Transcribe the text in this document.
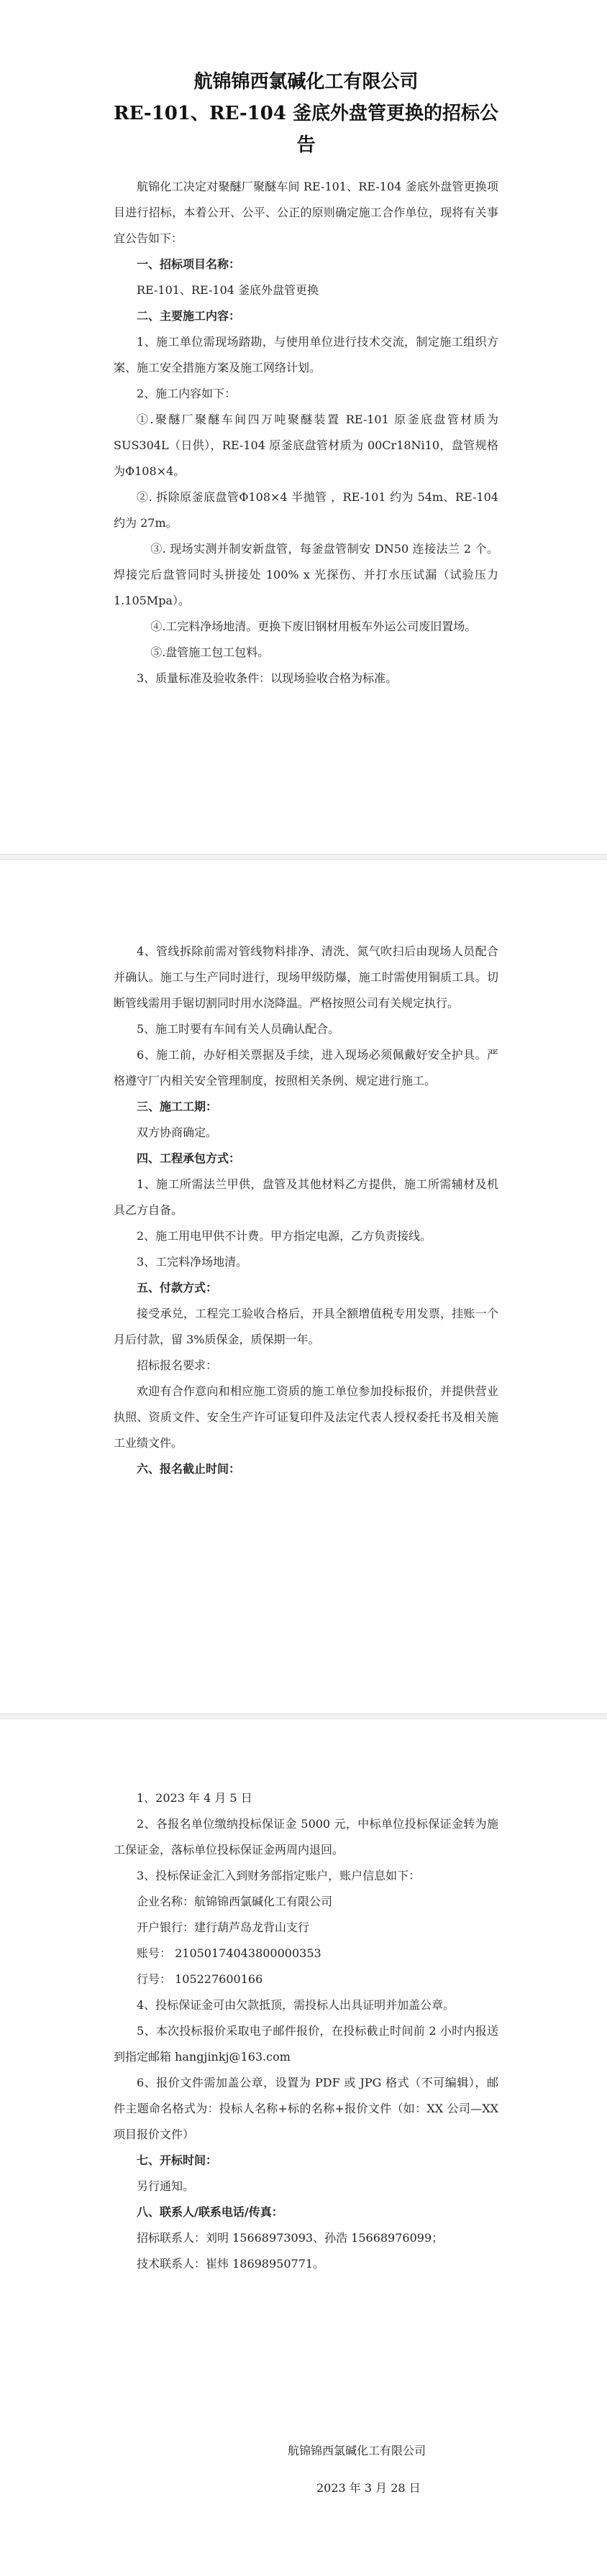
航锦锦西氯碱化工有限公司
RE-101、RE-104 釜底外盘管更换的招标公告

航锦化工决定对聚醚厂聚醚车间 RE-101、RE-104 釜底外盘管更换项目进行招标，本着公开、公平、公正的原则确定施工合作单位，现将有关事宜公告如下：

一、招标项目名称：

RE-101、RE-104 釜底外盘管更换

二、主要施工内容：

1、施工单位需现场踏勘，与使用单位进行技术交流，制定施工组织方案、施工安全措施方案及施工网络计划。

2、施工内容如下：

①.聚醚厂聚醚车间四万吨聚醚装置 RE-101 原釜底盘管材质为SUS304L（日供），RE-104 原釜底盘管材质为 00Cr18Ni10，盘管规格为Φ108×4。

②. 拆除原釜底盘管Φ108×4 半拋管 ，RE-101 约为 54m、RE-104 约为 27m。

③. 现场实测并制安新盘管，每釜盘管制安 DN50 连接法兰 2 个。焊接完后盘管同时头拼接处 100% x 光探伤、并打水压试漏（试验压力1.105Mpa）。

④.工完料净场地清。更换下废旧钢材用板车外运公司废旧置场。

⑤.盘管施工包工包料。

3、质量标准及验收条件：以现场验收合格为标准。

4、管线拆除前需对管线物料排净、清洗、氮气吹扫后由现场人员配合并确认。施工与生产同时进行，现场甲级防爆，施工时需使用铜质工具。切断管线需用手锯切割同时用水浇降温。严格按照公司有关规定执行。

5、施工时要有车间有关人员确认配合。

6、施工前，办好相关票据及手续，进入现场必须佩戴好安全护具。严格遵守厂内相关安全管理制度，按照相关条例、规定进行施工。

三、施工工期：

双方协商确定。

四、工程承包方式：

1、施工所需法兰甲供，盘管及其他材料乙方提供，施工所需辅材及机具乙方自备。

2、施工用电甲供不计费。甲方指定电源，乙方负责接线。

3、工完料净场地清。

五、付款方式：

接受承兑，工程完工验收合格后，开具全额增值税专用发票，挂账一个月后付款，留 3%质保金，质保期一年。

招标报名要求：

欢迎有合作意向和相应施工资质的施工单位参加投标报价，并提供营业执照、资质文件、安全生产许可证复印件及法定代表人授权委托书及相关施工业绩文件。

六、报名截止时间：

1、2023 年 4 月 5 日

2、各报名单位缴纳投标保证金 5000 元，中标单位投标保证金转为施工保证金，落标单位投标保证金两周内退回。

3、投标保证金汇入到财务部指定账户，账户信息如下：

企业名称：航锦锦西氯碱化工有限公司

开户银行：建行葫芦岛龙背山支行

账号： 21050174043800000353

行号： 105227600166

4、投标保证金可由欠款抵顶，需投标人出具证明并加盖公章。

5、本次投标报价采取电子邮件报价，在投标截止时间前 2 小时内报送到指定邮箱 hangjinkj@163.com

6、报价文件需加盖公章，设置为 PDF 或 JPG 格式（不可编辑），邮件主题命名格式为：投标人名称+标的名称+报价文件（如：XX 公司—XX 项目报价文件）

七、开标时间：

另行通知。

八、联系人/联系电话/传真：

招标联系人：刘明 15668973093、孙浩 15668976099；

技术联系人：崔炜 18698950771。

航锦锦西氯碱化工有限公司
2023 年 3 月 28 日
